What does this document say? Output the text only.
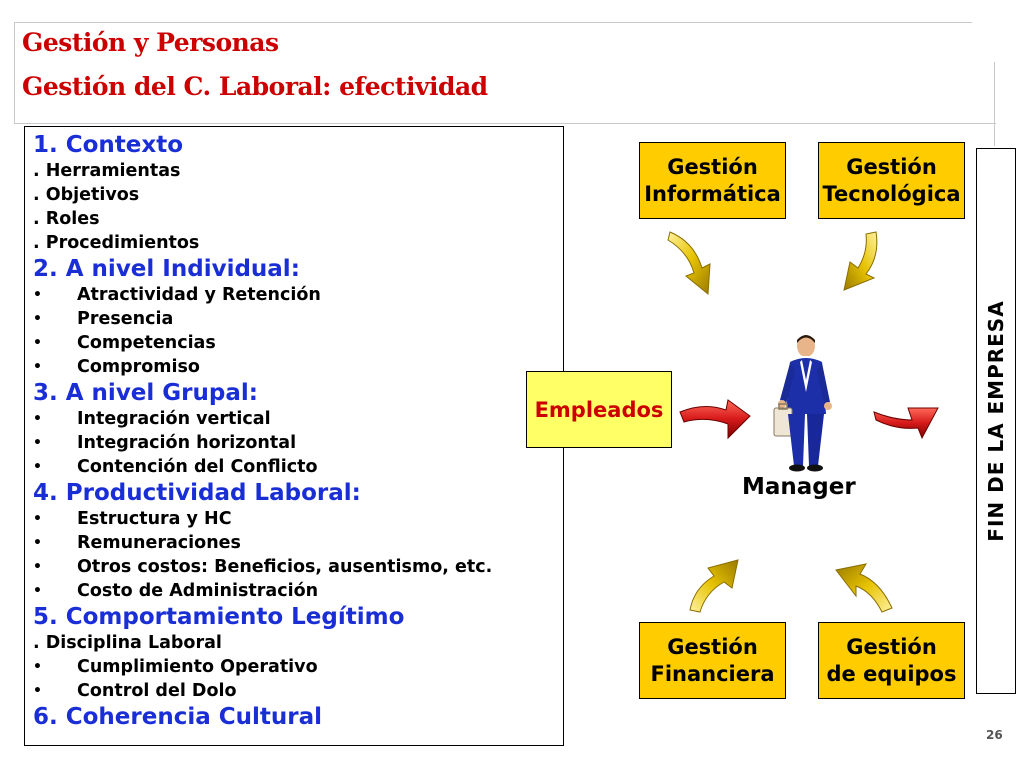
Gestión y Personas
Gestión del C. Laboral: efectividad
1. Contexto
. Herramientas
. Objetivos
. Roles
. Procedimientos
2. A nivel Individual:
• Atractividad y Retención
• Presencia
• Competencias
• Compromiso
3. A nivel Grupal:
• Integración vertical
• Integración horizontal
• Contención del Conflicto
4. Productividad Laboral:
• Estructura y HC
• Remuneraciones
• Otros costos: Beneficios, ausentismo, etc.
• Costo de Administración
5. Comportamiento Legítimo
. Disciplina Laboral
• Cumplimiento Operativo
• Control del Dolo
6. Coherencia Cultural
Gestión
Informática
Gestión
Tecnológica
Gestión
Financiera
Gestión
de equipos
Empleados	FIN DE LA EMPRESA
Manager
26
